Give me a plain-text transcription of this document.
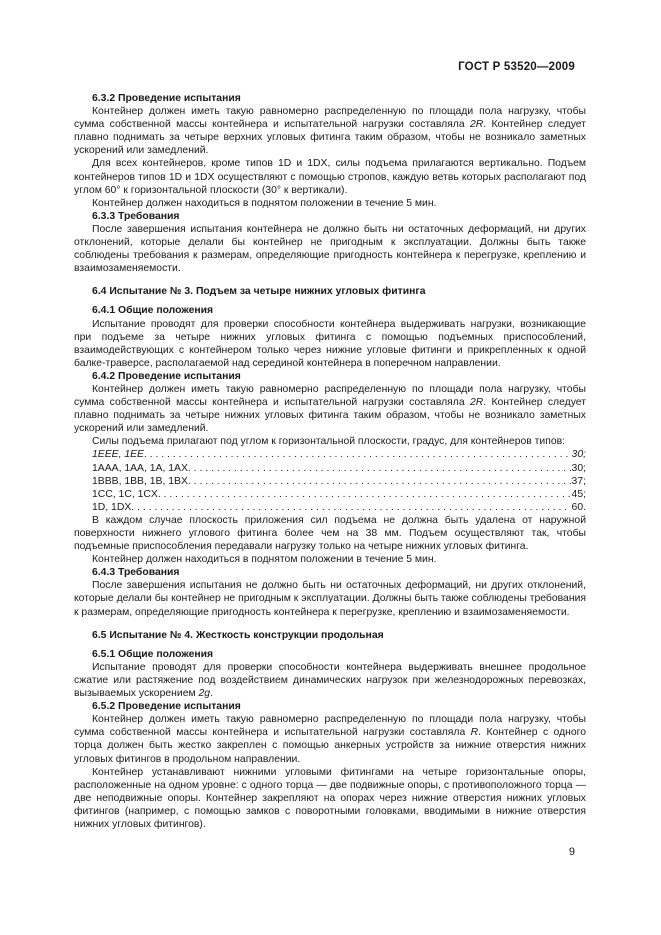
ГОСТ Р 53520—2009
6.3.2 Проведение испытания

Контейнер должен иметь такую равномерно распределенную по площади пола нагрузку, чтобы сумма собственной массы контейнера и испытательной нагрузки составляла 2R. Контейнер следует плавно поднимать за четыре верхних угловых фитинга таким образом, чтобы не возникало заметных ускорений или замедлений.

Для всех контейнеров, кроме типов 1D и 1DX, силы подъема прилагаются вертикально. Подъем контейнеров типов 1D и 1DX осуществляют с помощью стропов, каждую ветвь которых располагают под углом 60° к горизонтальной плоскости (30° к вертикали).

Контейнер должен находиться в поднятом положении в течение 5 мин.

6.3.3 Требования

После завершения испытания контейнера не должно быть ни остаточных деформаций, ни других отклонений, которые делали бы контейнер не пригодным к эксплуатации. Должны быть также соблюдены требования к размерам, определяющие пригодность контейнера к перегрузке, креплению и взаимозаменяемости.

6.4 Испытание № 3. Подъем за четыре нижних угловых фитинга
6.4.1 Общие положения

Испытание проводят для проверки способности контейнера выдерживать нагрузки, возникающие при подъеме за четыре нижних угловых фитинга с помощью подъемных приспособлений, взаимодействующих с контейнером только через нижние угловые фитинги и прикрепленных к одной балке-траверсе, располагаемой над серединой контейнера в поперечном направлении.

6.4.2 Проведение испытания

Контейнер должен иметь такую равномерно распределенную по площади пола нагрузку, чтобы сумма собственной массы контейнера и испытательной нагрузки составляла 2R. Контейнер следует плавно поднимать за четыре нижних угловых фитинга таким образом, чтобы не возникало заметных ускорений или замедлений.

Силы подъема прилагают под углом к горизонтальной плоскости, градус, для контейнеров типов:

1EEE, 1EE . . .	30;
1AAA, 1AA, 1A, 1AX . . .	30;
1BBB, 1BB, 1B, 1BX . . .	37;
1CC, 1C, 1CX . . .	45;
1D, 1DX . . .	60.

В каждом случае плоскость приложения сил подъема не должна быть удалена от наружной поверхности нижнего углового фитинга более чем на 38 мм. Подъем осуществляют так, чтобы подъемные приспособления передавали нагрузку только на четыре нижних угловых фитинга.

Контейнер должен находиться в поднятом положении в течение 5 мин.

6.4.3 Требования

После завершения испытания не должно быть ни остаточных деформаций, ни других отклонений, которые делали бы контейнер не пригодным к эксплуатации. Должны быть также соблюдены требования к размерам, определяющие пригодность контейнера к перегрузке, креплению и взаимозаменяемости.

6.5 Испытание № 4. Жесткость конструкции продольная
6.5.1 Общие положения

Испытание проводят для проверки способности контейнера выдерживать внешнее продольное сжатие или растяжение под воздействием динамических нагрузок при железнодорожных перевозках, вызываемых ускорением 2g.

6.5.2 Проведение испытания

Контейнер должен иметь такую равномерно распределенную по площади пола нагрузку, чтобы сумма собственной массы контейнера и испытательной нагрузки составляла R. Контейнер с одного торца должен быть жестко закреплен с помощью анкерных устройств за нижние отверстия нижних угловых фитингов в продольном направлении.

Контейнер устанавливают нижними угловыми фитингами на четыре горизонтальные опоры, расположенные на одном уровне: с одного торца — две подвижные опоры, с противоположного торца — две неподвижные опоры. Контейнер закрепляют на опорах через нижние отверстия нижних угловых фитингов (например, с помощью замков с поворотными головками, вводимыми в нижние отверстия нижних угловых фитингов).

9
